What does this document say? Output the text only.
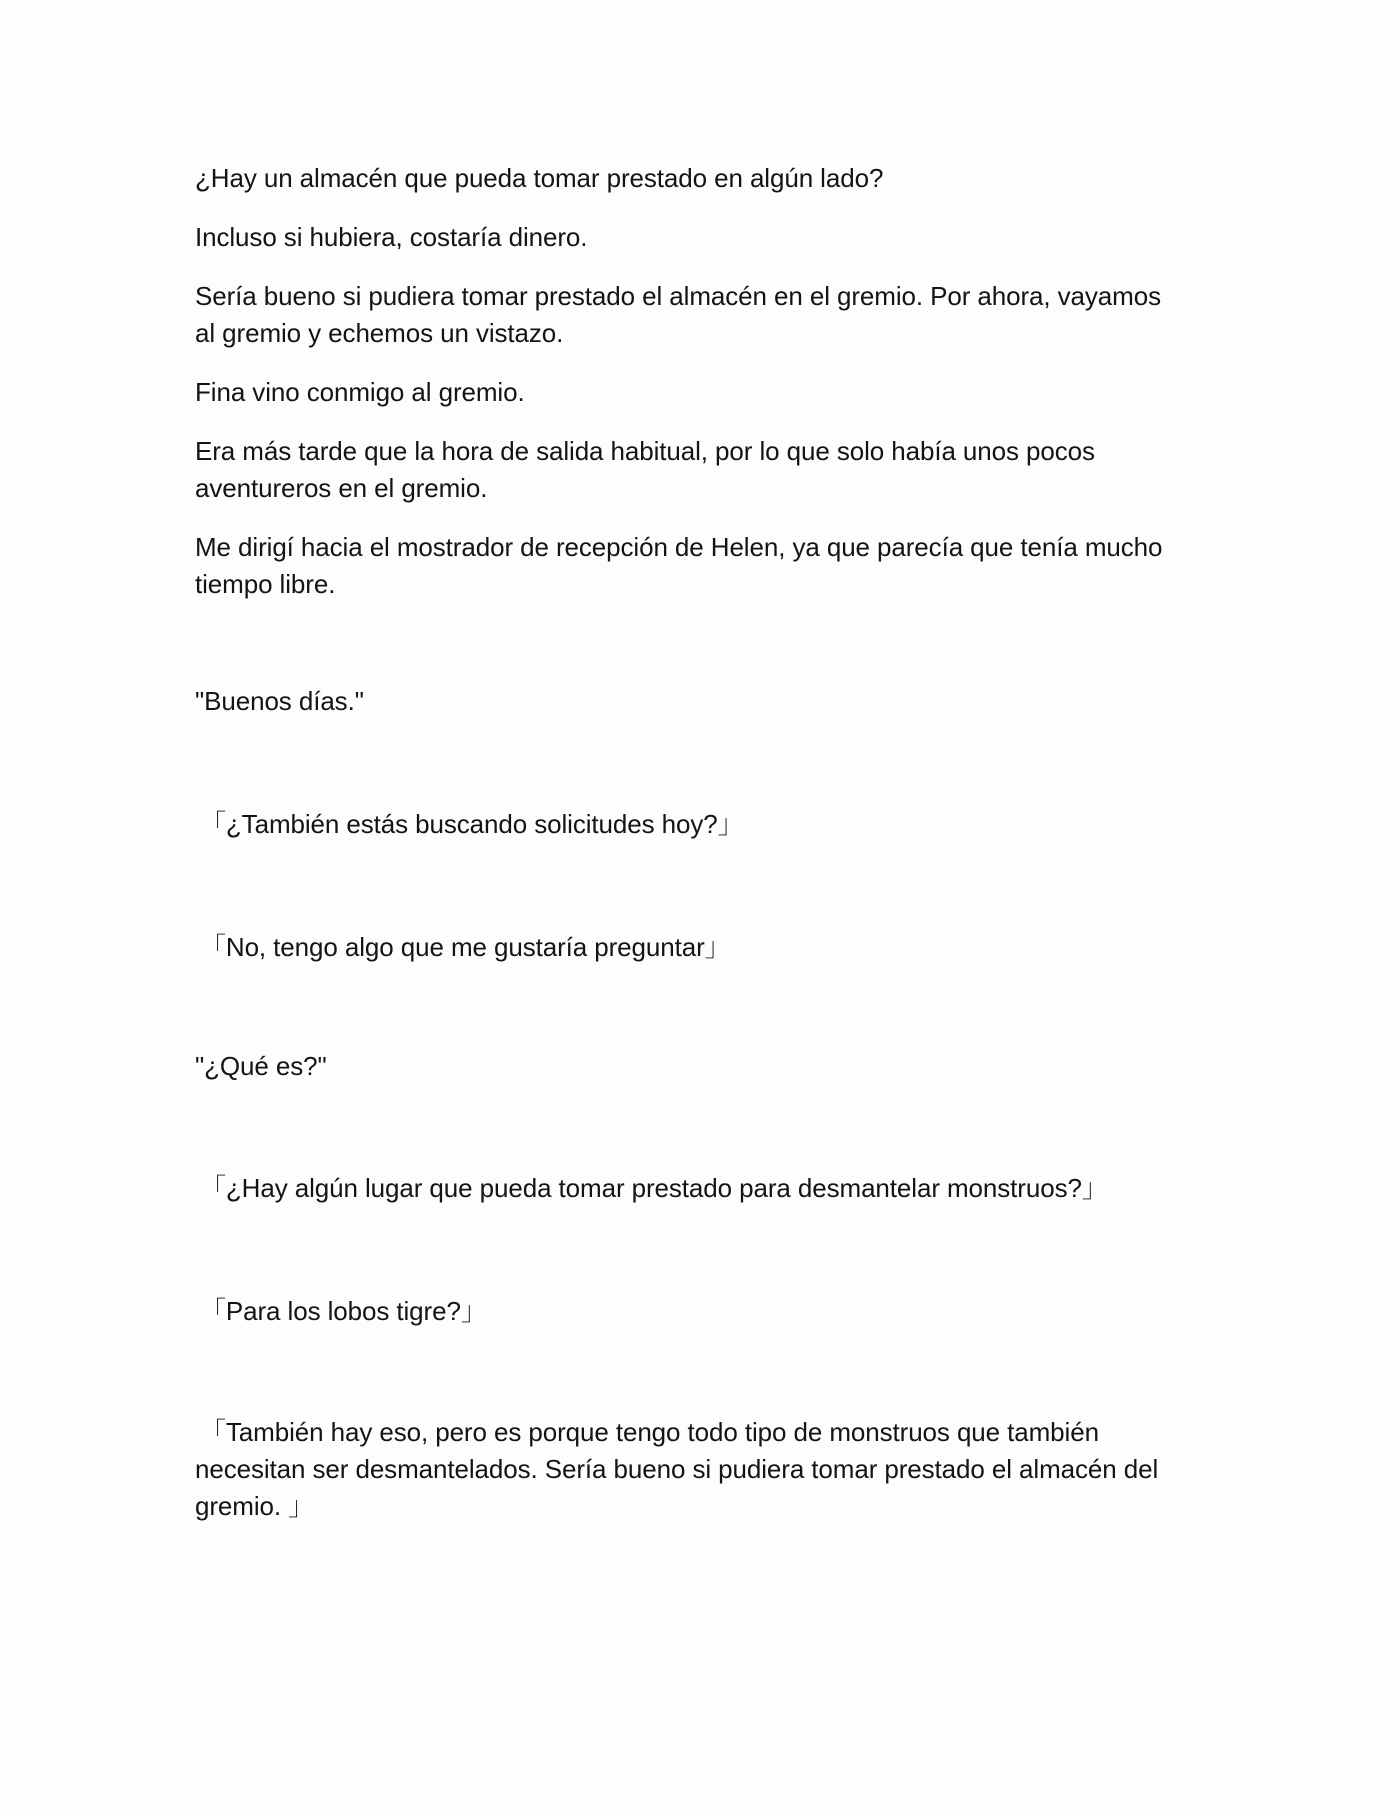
¿Hay un almacén que pueda tomar prestado en algún lado?

Incluso si hubiera, costaría dinero.

Sería bueno si pudiera tomar prestado el almacén en el gremio. Por ahora, vayamos al gremio y echemos un vistazo.

Fina vino conmigo al gremio.

Era más tarde que la hora de salida habitual, por lo que solo había unos pocos aventureros en el gremio.

Me dirigí hacia el mostrador de recepción de Helen, ya que parecía que tenía mucho tiempo libre.

"Buenos días."

「¿También estás buscando solicitudes hoy?」

「No, tengo algo que me gustaría preguntar」

"¿Qué es?"

「¿Hay algún lugar que pueda tomar prestado para desmantelar monstruos?」

「Para los lobos tigre?」

「También hay eso, pero es porque tengo todo tipo de monstruos que también necesitan ser desmantelados. Sería bueno si pudiera tomar prestado el almacén del gremio. 」
